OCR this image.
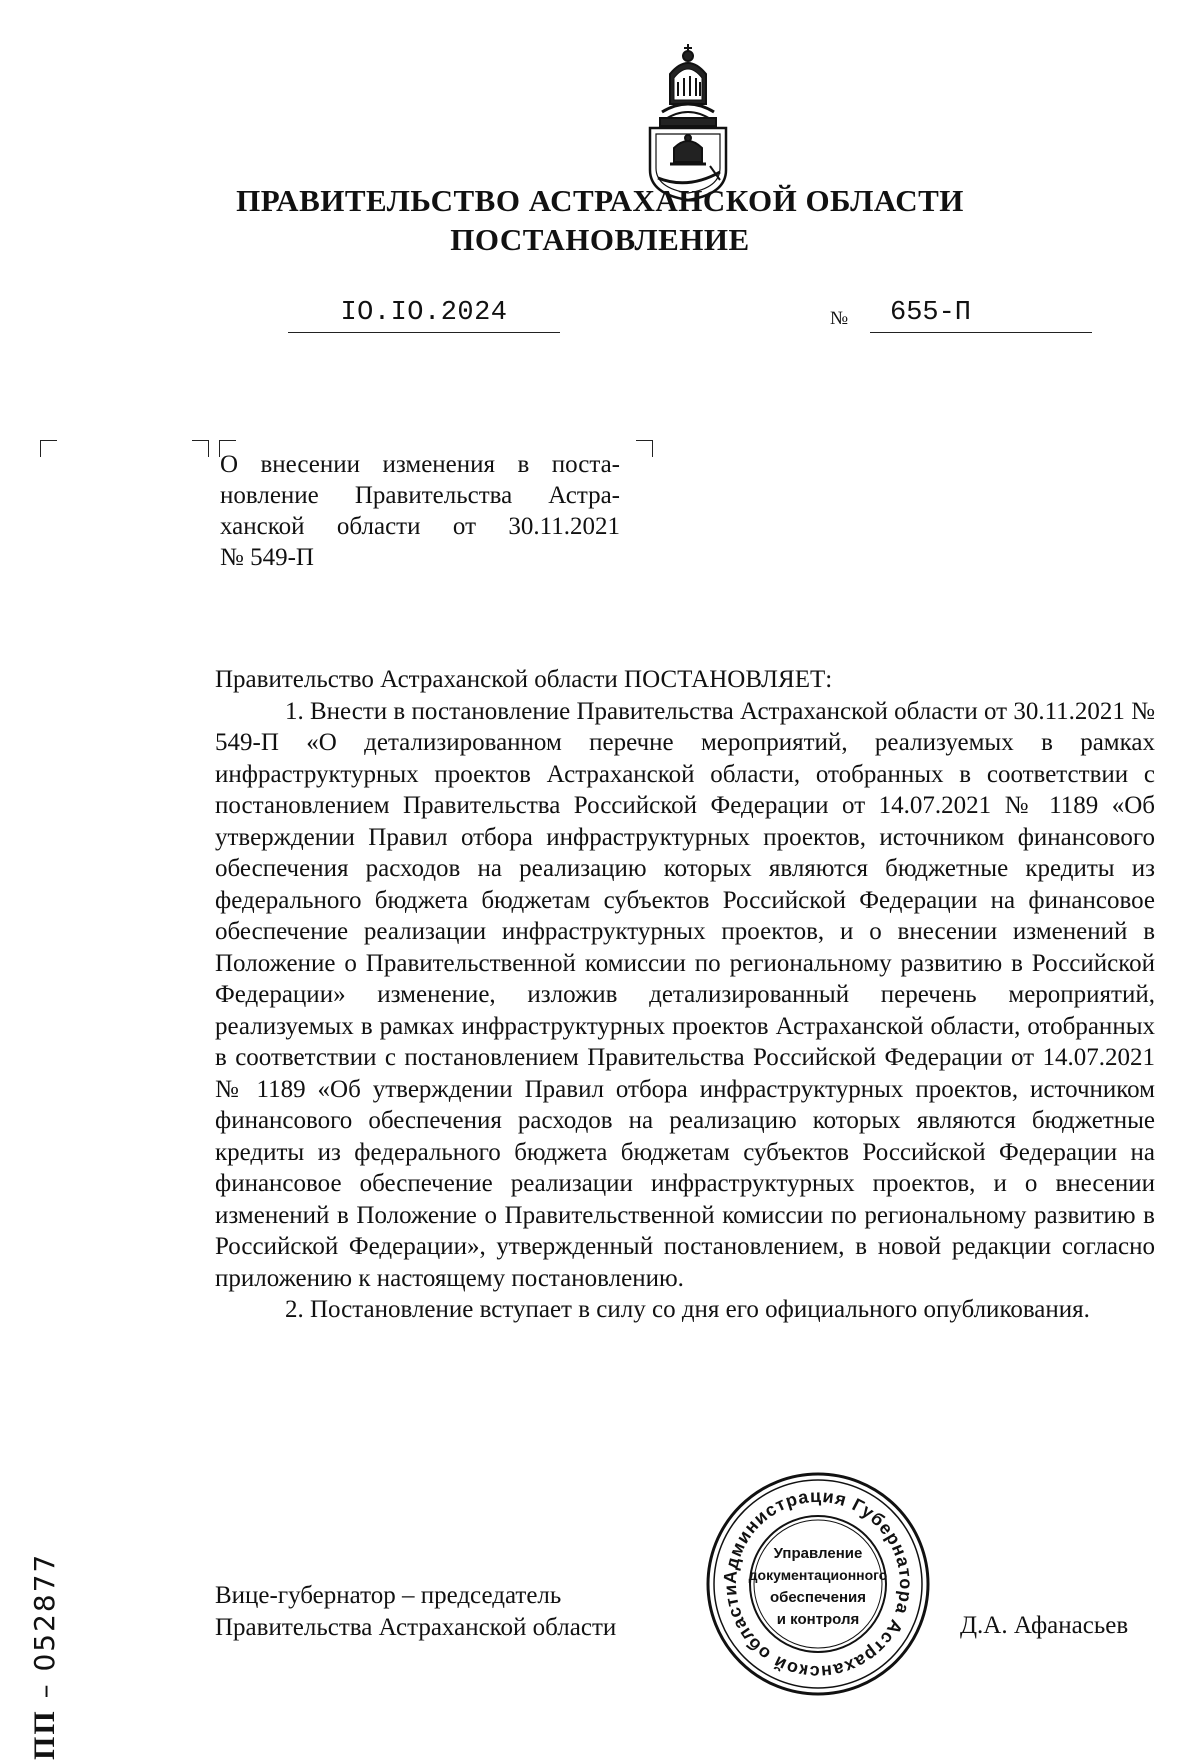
ПРАВИТЕЛЬСТВО АСТРАХАНСКОЙ ОБЛАСТИ
ПОСТАНОВЛЕНИЕ
IO.IO.2024	№ 655-П
О внесении изменения в поста-
новление Правительства Астра-
ханской области от 30.11.2021
№ 549-П

Правительство Астраханской области ПОСТАНОВЛЯЕТ:

1. Внести в постановление Правительства Астраханской области от 30.11.2021 № 549-П «О детализированном перечне мероприятий, реализуемых в рамках инфраструктурных проектов Астраханской области, отобранных в соответствии с постановлением Правительства Российской Федерации от 14.07.2021 № 1189 «Об утверждении Правил отбора инфраструктурных проектов, источником финансового обеспечения расходов на реализацию которых являются бюджетные кредиты из федерального бюджета бюджетам субъектов Российской Федерации на финансовое обеспечение реализации инфраструктурных проектов, и о внесении изменений в Положение о Правительственной комиссии по региональному развитию в Российской Федерации» изменение, изложив детализированный перечень мероприятий, реализуемых в рамках инфраструктурных проектов Астраханской области, отобранных в соответствии с постановлением Правительства Российской Федерации от 14.07.2021 № 1189 «Об утверждении Правил отбора инфраструктурных проектов, источником финансового обеспечения расходов на реализацию которых являются бюджетные кредиты из федерального бюджета бюджетам субъектов Российской Федерации на финансовое обеспечение реализации инфраструктурных проектов, и о внесении изменений в Положение о Правительственной комиссии по региональному развитию в Российской Федерации», утвержденный постановлением, в новой редакции согласно приложению к настоящему постановлению.

2. Постановление вступает в силу со дня его официального опубликования.

Вице-губернатор – председатель
Правительства Астраханской области
Администрация Губернатора Астраханской области
Управление
документационного
обеспечения
и контроля	Д.А. Афанасьев
ПП – 052877
